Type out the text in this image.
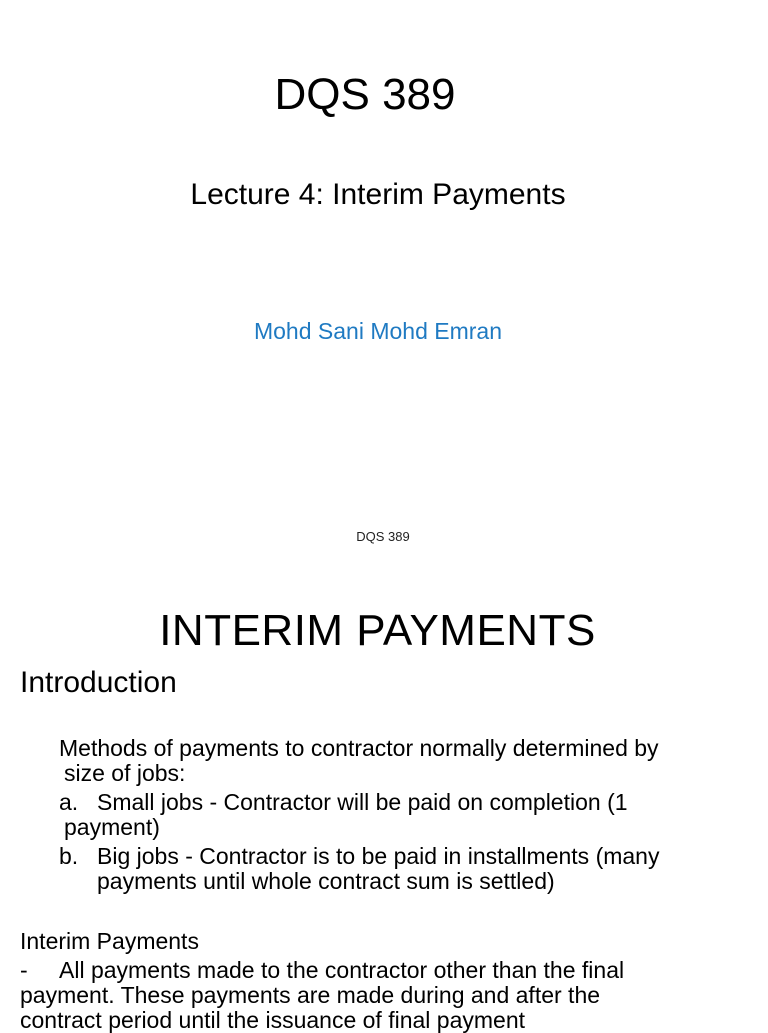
DQS 389
Lecture 4: Interim Payments
Mohd Sani Mohd Emran
DQS 389
INTERIM PAYMENTS
Introduction
Methods of payments to contractor normally determined by
size of jobs:
a. Small jobs - Contractor will be paid on completion (1
payment)
b. Big jobs - Contractor is to be paid in installments (many
payments until whole contract sum is settled)
Interim Payments
- All payments made to the contractor other than the final
payment. These payments are made during and after the
contract period until the issuance of final payment
